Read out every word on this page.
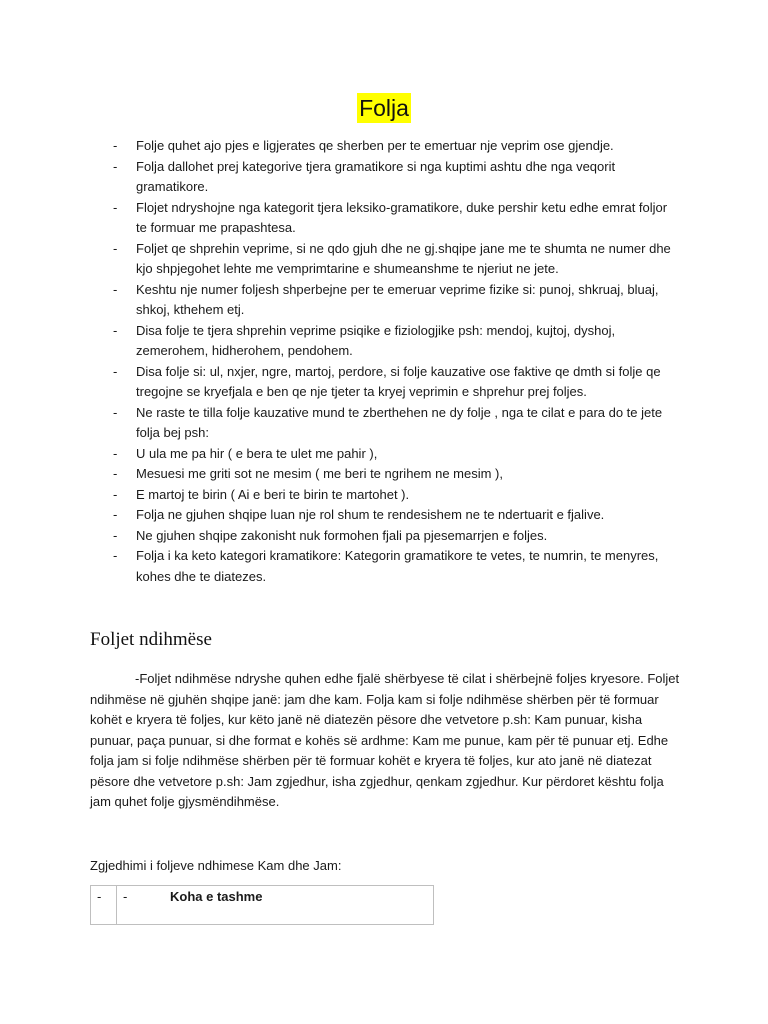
Folja
- Folje quhet ajo pjes e ligjerates qe sherben per te emertuar nje veprim ose gjendje.
- Folja dallohet prej kategorive tjera gramatikore si nga kuptimi ashtu dhe nga veqorit gramatikore.
- Flojet ndryshojne nga kategorit tjera leksiko-gramatikore, duke pershir ketu edhe emrat foljor te formuar me prapashtesa.
- Foljet qe shprehin veprime, si ne qdo gjuh dhe ne gj.shqipe jane me te shumta ne numer dhe kjo shpjegohet lehte me vemprimtarine e shumeanshme te njeriut ne jete.
- Keshtu nje numer foljesh shperbejne per te emeruar veprime fizike si: punoj, shkruaj, bluaj, shkoj, kthehem etj.
- Disa folje te tjera shprehin veprime psiqike e fiziologjike psh: mendoj, kujtoj, dyshoj, zemerohem, hidherohem, pendohem.
- Disa folje si: ul, nxjer, ngre, martoj, perdore, si folje kauzative ose faktive qe dmth si folje qe tregojne se kryefjala e ben qe nje tjeter ta kryej veprimin e shprehur prej foljes.
- Ne raste te tilla folje kauzative mund te zberthehen ne dy folje , nga te cilat e para do te jete folja bej psh:
- U ula me pa hir ( e bera te ulet me pahir ),
- Mesuesi me griti sot ne mesim ( me beri te ngrihem ne mesim ),
- E martoj te birin ( Ai e beri te birin te martohet ).
- Folja ne gjuhen shqipe luan nje rol shum te rendesishem ne te ndertuarit e fjalive.
- Ne gjuhen shqipe zakonisht nuk formohen fjali pa pjesemarrjen e foljes.
- Folja i ka keto kategori kramatikore: Kategorin gramatikore te vetes, te numrin, te menyres, kohes dhe te diatezes.
Foljet ndihmëse

-Foljet ndihmëse ndryshe quhen edhe fjalë shërbyese të cilat i shërbejnë foljes kryesore. Foljet ndihmëse në gjuhën shqipe janë: jam dhe kam. Folja kam si folje ndihmëse shërben për të formuar kohët e kryera të foljes, kur këto janë në diatezën pësore dhe vetvetore p.sh: Kam punuar, kisha punuar, paça punuar, si dhe format e kohës së ardhme: Kam me punue, kam për të punuar etj. Edhe folja jam si folje ndihmëse shërben për të formuar kohët e kryera të foljes, kur ato janë në diatezat pësore dhe vetvetore p.sh: Jam zgjedhur, isha zgjedhur, qenkam zgjedhur. Kur përdoret kështu folja jam quhet folje gjysmëndihmëse.

Zgjedhimi i foljeve ndhimese Kam dhe Jam:
-	-	Koha e tashme
